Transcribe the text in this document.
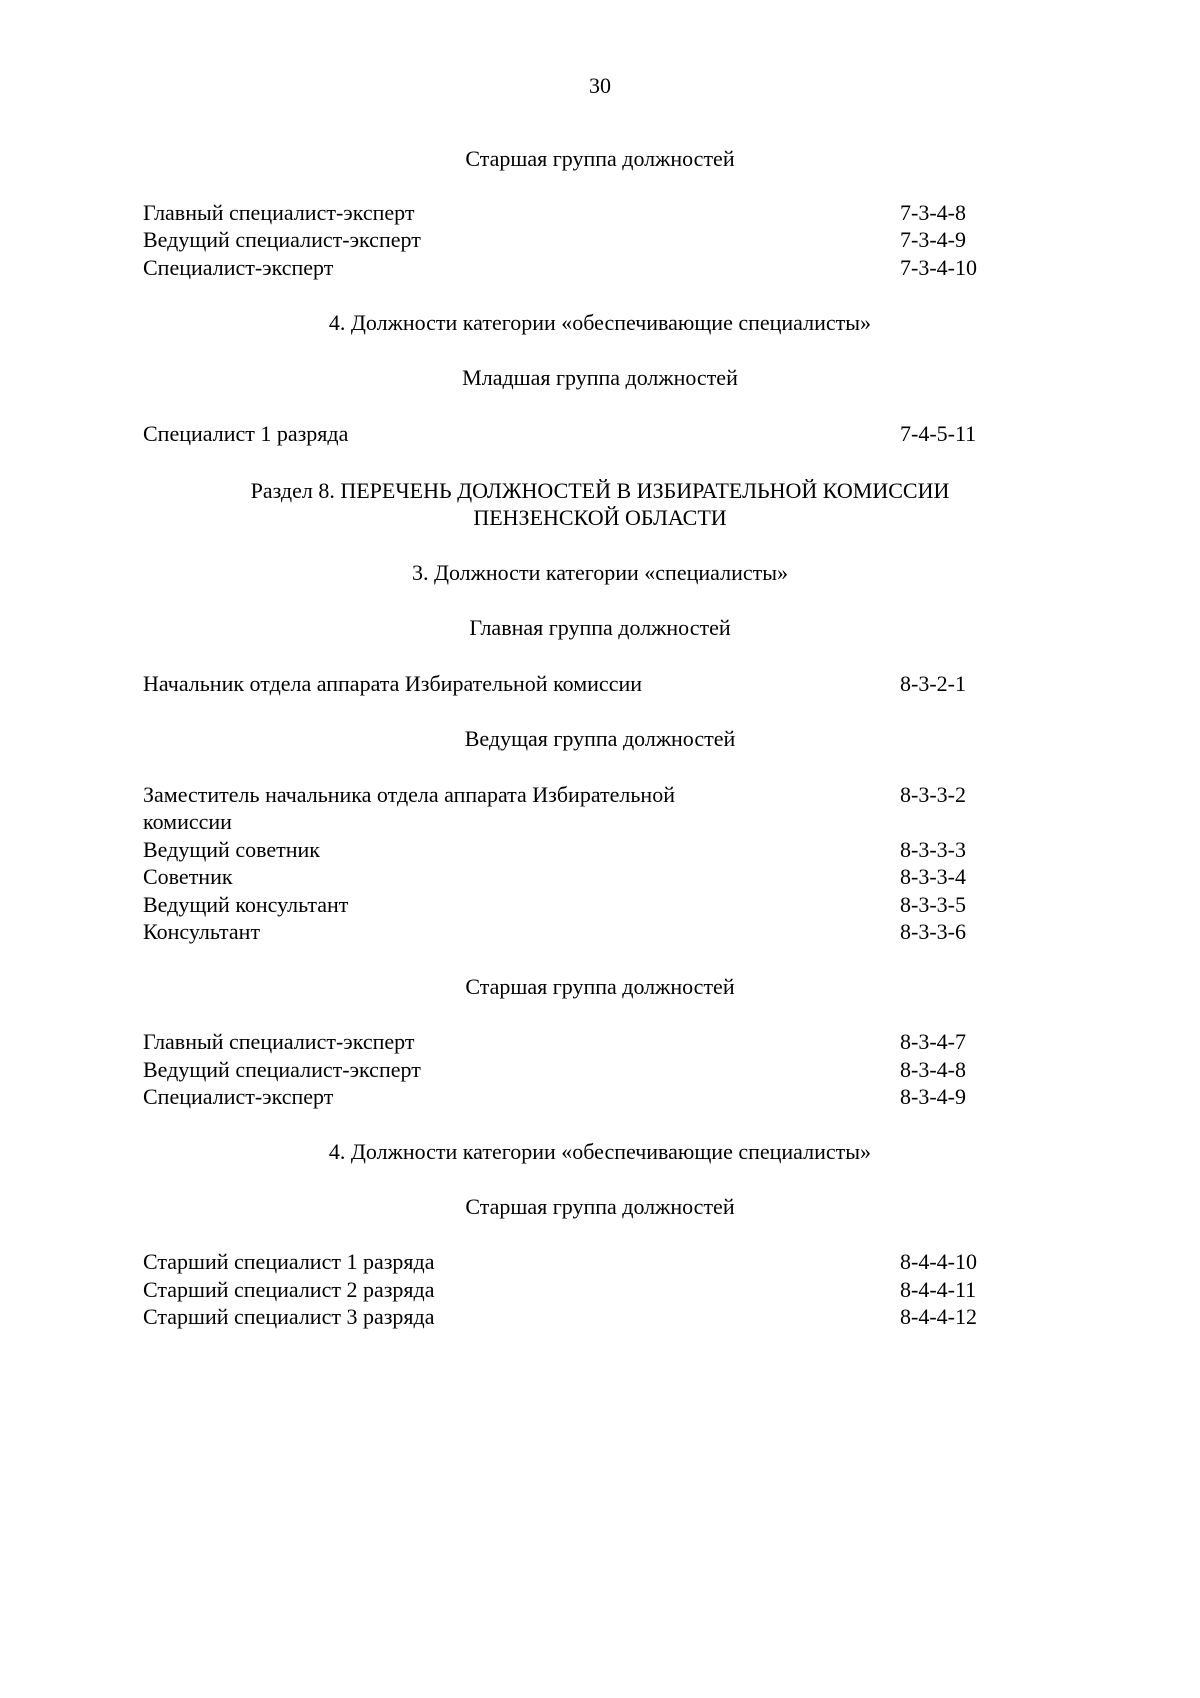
30
Старшая группа должностей
Главный специалист-эксперт	7-3-4-8
Ведущий специалист-эксперт	7-3-4-9
Специалист-эксперт	7-3-4-10
4. Должности категории «обеспечивающие специалисты»
Младшая группа должностей
Специалист 1 разряда	7-4-5-11
Раздел 8. ПЕРЕЧЕНЬ ДОЛЖНОСТЕЙ В ИЗБИРАТЕЛЬНОЙ КОМИССИИ
ПЕНЗЕНСКОЙ ОБЛАСТИ
3. Должности категории «специалисты»
Главная группа должностей
Начальник отдела аппарата Избирательной комиссии	8-3-2-1
Ведущая группа должностей
Заместитель начальника отдела аппарата Избирательной	8-3-3-2
комиссии
Ведущий советник	8-3-3-3
Советник	8-3-3-4
Ведущий консультант	8-3-3-5
Консультант	8-3-3-6
Старшая группа должностей
Главный специалист-эксперт	8-3-4-7
Ведущий специалист-эксперт	8-3-4-8
Специалист-эксперт	8-3-4-9
4. Должности категории «обеспечивающие специалисты»
Старшая группа должностей
Старший специалист 1 разряда	8-4-4-10
Старший специалист 2 разряда	8-4-4-11
Старший специалист 3 разряда	8-4-4-12
